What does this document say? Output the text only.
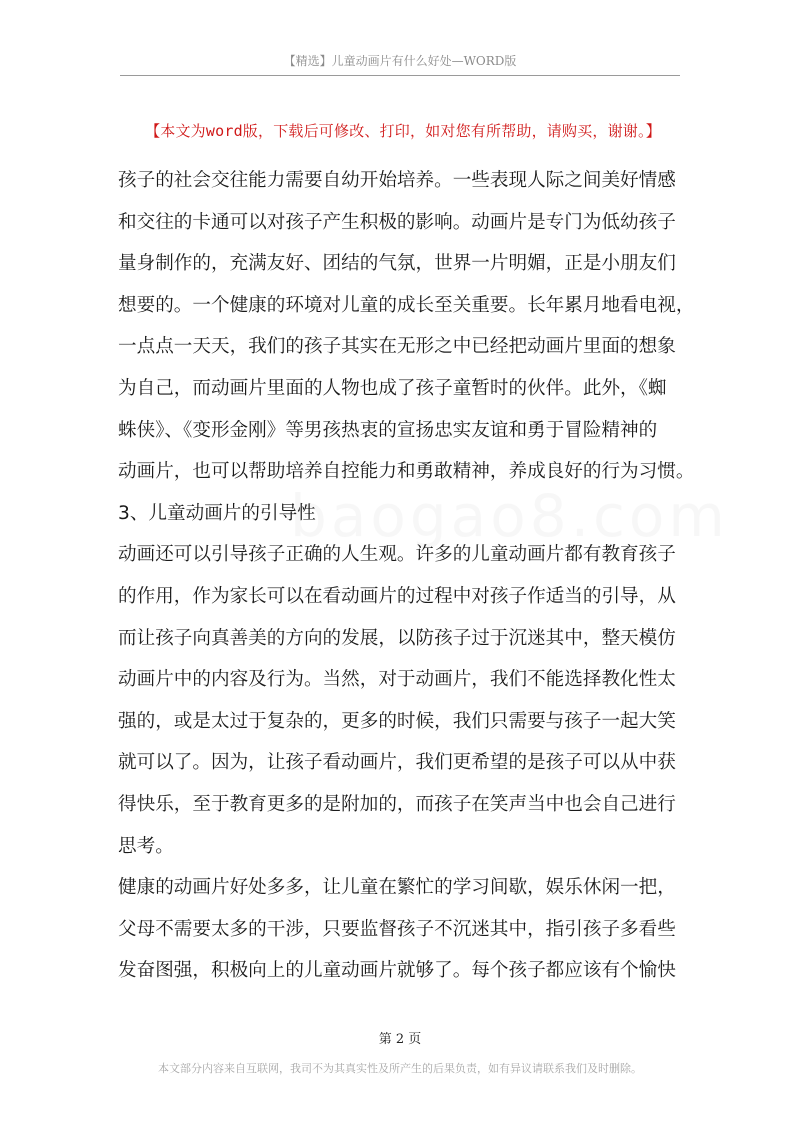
【精选】儿童动画片有什么好处—WORD版
【本文为word版，下载后可修改、打印，如对您有所帮助，请购买，谢谢。】
baogao8.com
孩子的社会交往能力需要自幼开始培养。一些表现人际之间美好情感
和交往的卡通可以对孩子产生积极的影响。动画片是专门为低幼孩子
量身制作的，充满友好、团结的气氛，世界一片明媚，正是小朋友们
想要的。一个健康的环境对儿童的成长至关重要。长年累月地看电视，
一点点一天天，我们的孩子其实在无形之中已经把动画片里面的想象
为自己，而动画片里面的人物也成了孩子童暂时的伙伴。此外，《蜘
蛛侠》、《变形金刚》等男孩热衷的宣扬忠实友谊和勇于冒险精神的
动画片，也可以帮助培养自控能力和勇敢精神，养成良好的行为习惯。
3、儿童动画片的引导性
动画还可以引导孩子正确的人生观。许多的儿童动画片都有教育孩子
的作用，作为家长可以在看动画片的过程中对孩子作适当的引导，从
而让孩子向真善美的方向的发展，以防孩子过于沉迷其中，整天模仿
动画片中的内容及行为。当然，对于动画片，我们不能选择教化性太
强的，或是太过于复杂的，更多的时候，我们只需要与孩子一起大笑
就可以了。因为，让孩子看动画片，我们更希望的是孩子可以从中获
得快乐，至于教育更多的是附加的，而孩子在笑声当中也会自己进行
思考。
健康的动画片好处多多，让儿童在繁忙的学习间歇，娱乐休闲一把，
父母不需要太多的干涉，只要监督孩子不沉迷其中，指引孩子多看些
发奋图强，积极向上的儿童动画片就够了。每个孩子都应该有个愉快
第 2 页
本文部分内容来自互联网，我司不为其真实性及所产生的后果负责，如有异议请联系我们及时删除。
